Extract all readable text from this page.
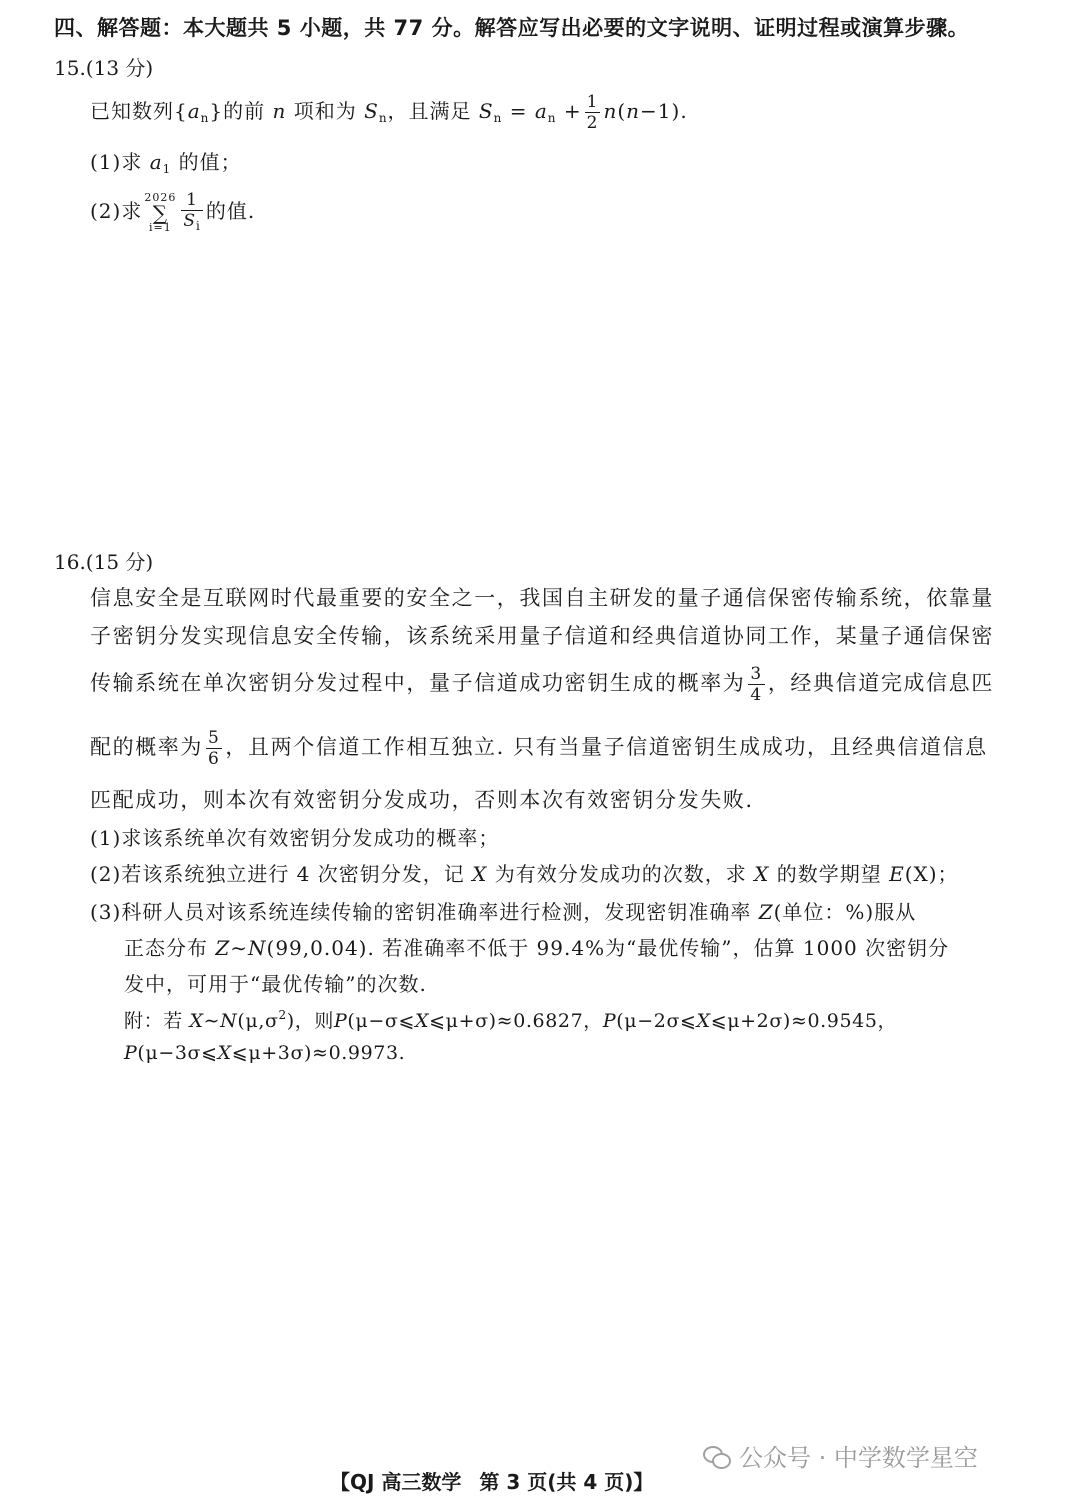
四、解答题：本大题共 5 小题，共 77 分。解答应写出必要的文字说明、证明过程或演算步骤。
15.(13 分)
已知数列$\{a_n\}$的前 n 项和为 $S_n$，且满足 $S_n = a_n + \frac{1}{2} n(n-1)$.
(1)求 $a_1$ 的值；
(2)求2026
∑
$i=1 \frac{1}{S_i}$ 的值.
16.(15 分)
信息安全是互联网时代最重要的安全之一，我国自主研发的量子通信保密传输系统，依靠量
子密钥分发实现信息安全传输，该系统采用量子信道和经典信道协同工作，某量子通信保密
传输系统在单次密钥分发过程中，量子信道成功密钥生成的概率为 $\frac{3}{4}$ ，经典信道完成信息匹
配的概率为 $\frac{5}{6}$ ，且两个信道工作相互独立. 只有当量子信道密钥生成成功，且经典信道信息
匹配成功，则本次有效密钥分发成功，否则本次有效密钥分发失败.
(1)求该系统单次有效密钥分发成功的概率；
(2)若该系统独立进行 4 次密钥分发，记 X 为有效分发成功的次数，求 X 的数学期望 E(X)；
(3)科研人员对该系统连续传输的密钥准确率进行检测，发现密钥准确率 Z(单位：%)服从
正态分布 Z∼N(99,0.04). 若准确率不低于 99.4%为“最优传输”，估算 1000 次密钥分
发中，可用于“最优传输”的次数.
附：若 $X\sim N(\mu,\sigma^2)$，则P(μ−σ⩽X⩽μ+σ)≈0.6827，P(μ−2σ⩽X⩽μ+2σ)≈0.9545，
P(μ−3σ⩽X⩽μ+3σ)≈0.9973.
公众号 · 中学数学星空
【QJ 高三数学 第 3 页(共 4 页)】
